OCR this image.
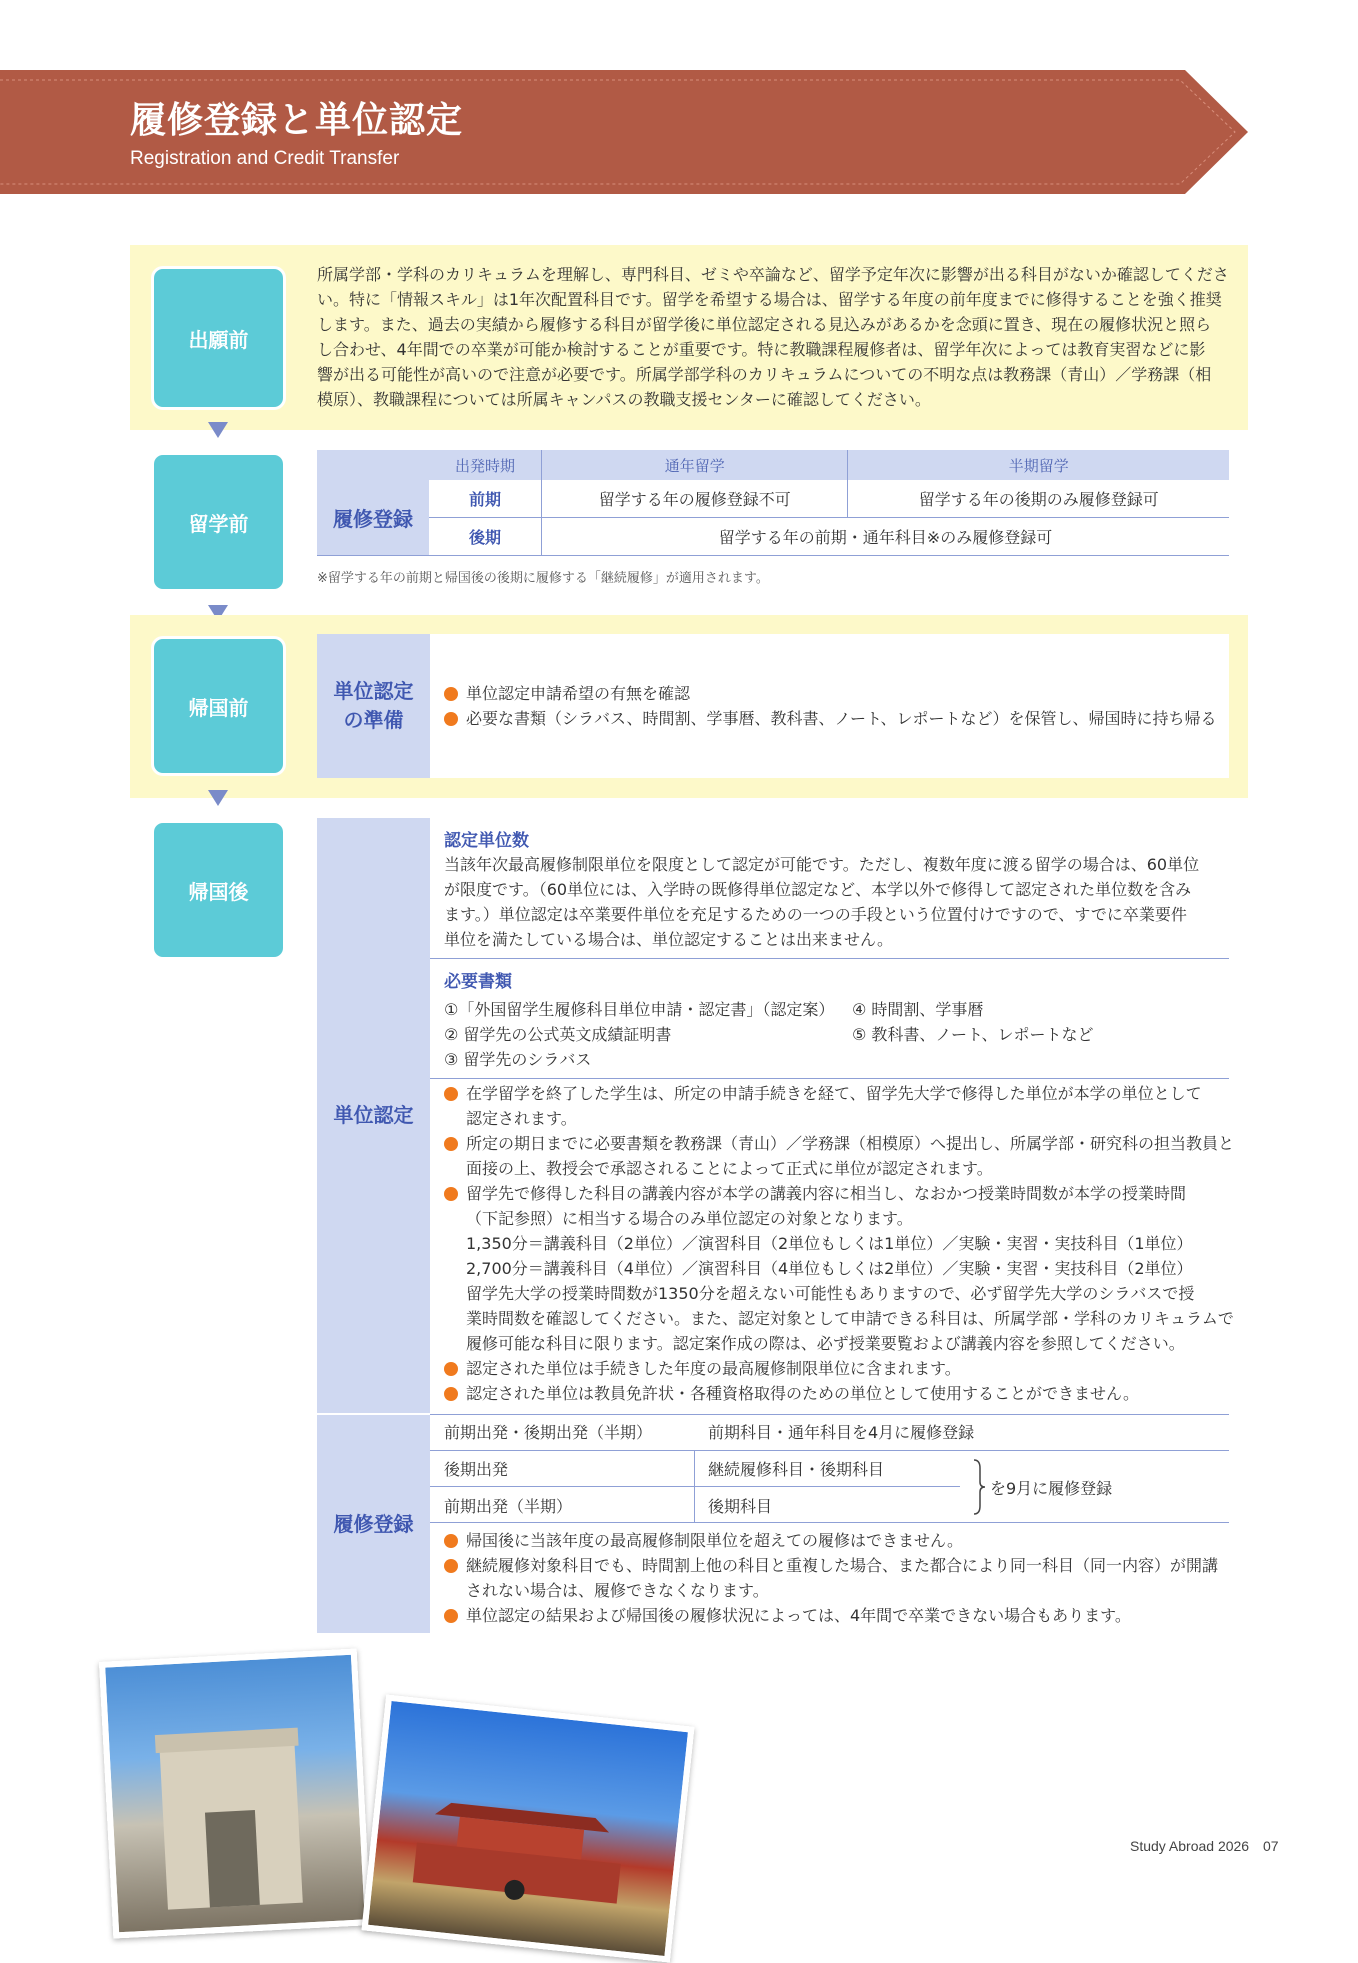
履修登録と単位認定
Registration and Credit Transfer
出願前
所属学部・学科のカリキュラムを理解し、専門科目、ゼミや卒論など、留学予定年次に影響が出る科目がないか確認してくださ
い。特に「情報スキル」は1年次配置科目です。留学を希望する場合は、留学する年度の前年度までに修得することを強く推奨
します。また、過去の実績から履修する科目が留学後に単位認定される見込みがあるかを念頭に置き、現在の履修状況と照ら
し合わせ、4年間での卒業が可能か検討することが重要です。特に教職課程履修者は、留学年次によっては教育実習などに影
響が出る可能性が高いので注意が必要です。所属学部学科のカリキュラムについての不明な点は教務課（青山）／学務課（相
模原）、教職課程については所属キャンパスの教職支援センターに確認してください。
留学前
	出発時期	通年留学	半期留学
履修登録	前期	留学する年の履修登録不可	留学する年の後期のみ履修登録可
	後期	留学する年の前期・通年科目※のみ履修登録可	
※留学する年の前期と帰国後の後期に履修する「継続履修」が適用されます。
帰国前
単位認定
の準備
単位認定申請希望の有無を確認
必要な書類（シラバス、時間割、学事暦、教科書、ノート、レポートなど）を保管し、帰国時に持ち帰る
帰国後
単位認定
履修登録
認定単位数
当該年次最高履修制限単位を限度として認定が可能です。ただし、複数年度に渡る留学の場合は、60単位
が限度です。（60単位には、入学時の既修得単位認定など、本学以外で修得して認定された単位数を含み
ます。）単位認定は卒業要件単位を充足するための一つの手段という位置付けですので、すでに卒業要件
単位を満たしている場合は、単位認定することは出来ません。
必要書類
①「外国留学生履修科目単位申請・認定書」（認定案）
② 留学先の公式英文成績証明書
③ 留学先のシラバス
④ 時間割、学事暦
⑤ 教科書、ノート、レポートなど
在学留学を終了した学生は、所定の申請手続きを経て、留学先大学で修得した単位が本学の単位として
認定されます。
所定の期日までに必要書類を教務課（青山）／学務課（相模原）へ提出し、所属学部・研究科の担当教員と
面接の上、教授会で承認されることによって正式に単位が認定されます。
留学先で修得した科目の講義内容が本学の講義内容に相当し、なおかつ授業時間数が本学の授業時間
（下記参照）に相当する場合のみ単位認定の対象となります。
1,350分＝講義科目（2単位）／演習科目（2単位もしくは1単位）／実験・実習・実技科目（1単位）
2,700分＝講義科目（4単位）／演習科目（4単位もしくは2単位）／実験・実習・実技科目（2単位）
留学先大学の授業時間数が1350分を超えない可能性もありますので、必ず留学先大学のシラバスで授
業時間数を確認してください。また、認定対象として申請できる科目は、所属学部・学科のカリキュラムで
履修可能な科目に限ります。認定案作成の際は、必ず授業要覧および講義内容を参照してください。
認定された単位は手続きした年度の最高履修制限単位に含まれます。
認定された単位は教員免許状・各種資格取得のための単位として使用することができません。
前期出発・後期出発（半期）	前期科目・通年科目を4月に履修登録
後期出発	継続履修科目・後期科目
前期出発（半期）	後期科目
を9月に履修登録
帰国後に当該年度の最高履修制限単位を超えての履修はできません。
継続履修対象科目でも、時間割上他の科目と重複した場合、また都合により同一科目（同一内容）が開講
されない場合は、履修できなくなります。
単位認定の結果および帰国後の履修状況によっては、4年間で卒業できない場合もあります。
Study Abroad 2026 07
